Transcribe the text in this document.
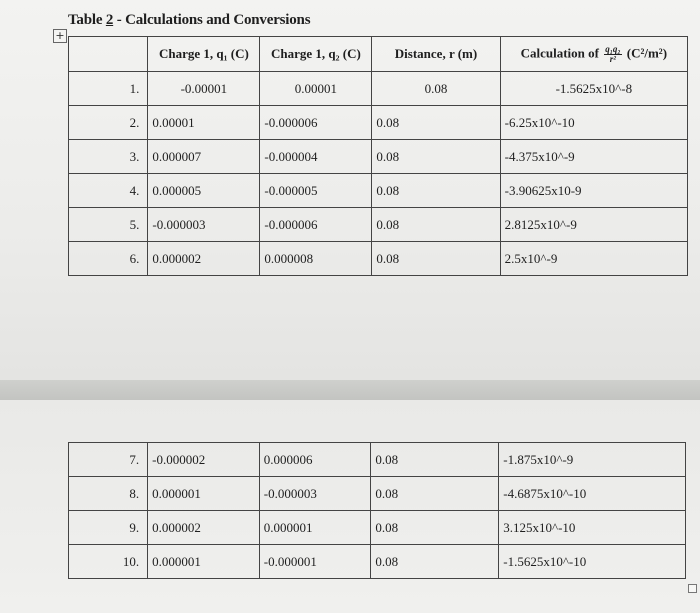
+
Table 2 - Calculations and Conversions
	Charge 1, q₁ (C)	Charge 1, q₂ (C)	Distance, r (m)	Calculation of $\frac{\text{q₁q₂}}{\text{r²}} (C^2/m^2)$
1.	-0.00001	0.00001	0.08	-1.5625x10^-8
2.	0.00001	-0.000006	0.08	-6.25x10^-10
3.	0.000007	-0.000004	0.08	-4.375x10^-9
4.	0.000005	-0.000005	0.08	-3.90625x10-9
5.	-0.000003	-0.000006	0.08	2.8125x10^-9
6.	0.000002	0.000008	0.08	2.5x10^-9
7.	-0.000002	0.000006	0.08	-1.875x10^-9
8.	0.000001	-0.000003	0.08	-4.6875x10^-10
9.	0.000002	0.000001	0.08	3.125x10^-10
10.	0.000001	-0.000001	0.08	-1.5625x10^-10
